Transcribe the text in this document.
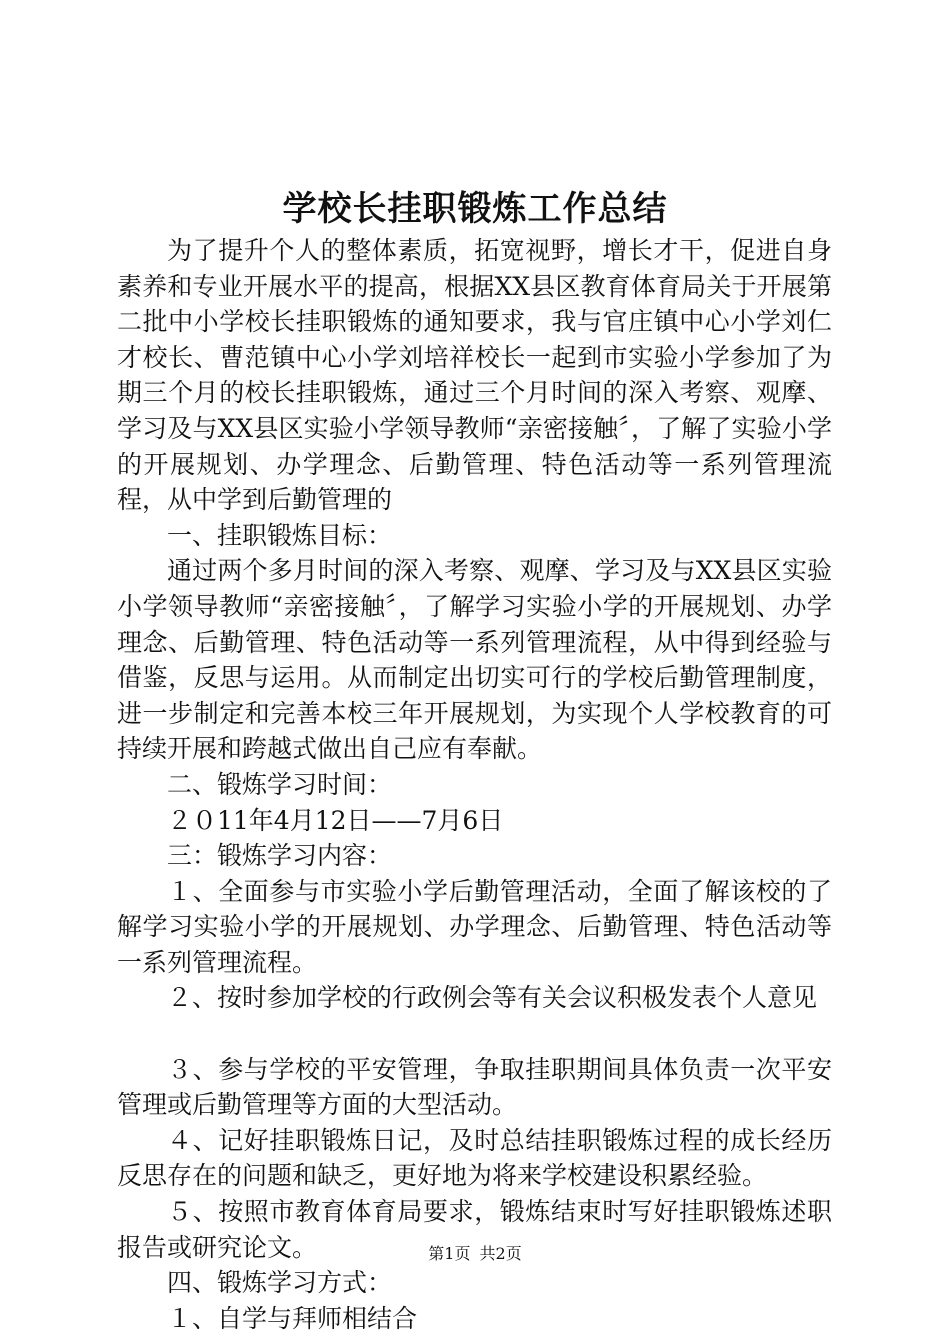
学校长挂职锻炼工作总结

为了提升个人的整体素质，拓宽视野，增长才干，促进自身素养和专业开展水平的提高，根据XX县区教育体育局关于开展第二批中小学校长挂职锻炼的通知要求，我与官庄镇中心小学刘仁才校长、曹范镇中心小学刘培祥校长一起到市实验小学参加了为期三个月的校长挂职锻炼，通过三个月时间的深入考察、观摩、学习及与XX县区实验小学领导教师“亲密接触〞，了解了实验小学的开展规划、办学理念、后勤管理、特色活动等一系列管理流程，从中学到后勤管理的

一、挂职锻炼目标：

通过两个多月时间的深入考察、观摩、学习及与XX县区实验小学领导教师“亲密接触〞，了解学习实验小学的开展规划、办学理念、后勤管理、特色活动等一系列管理流程，从中得到经验与借鉴，反思与运用。从而制定出切实可行的学校后勤管理制度，进一步制定和完善本校三年开展规划，为实现个人学校教育的可持续开展和跨越式做出自己应有奉献。

二、锻炼学习时间：

２０11年4月12日——7月6日

三：锻炼学习内容：

１、全面参与市实验小学后勤管理活动，全面了解该校的了解学习实验小学的开展规划、办学理念、后勤管理、特色活动等一系列管理流程。

２、按时参加学校的行政例会等有关会议积极发表个人意见

３、参与学校的平安管理，争取挂职期间具体负责一次平安管理或后勤管理等方面的大型活动。

４、记好挂职锻炼日记，及时总结挂职锻炼过程的成长经历反思存在的问题和缺乏，更好地为将来学校建设积累经验。

５、按照市教育体育局要求，锻炼结束时写好挂职锻炼述职报告或研究论文。

四、锻炼学习方式：

１、自学与拜师相结合

第1页 共2页
